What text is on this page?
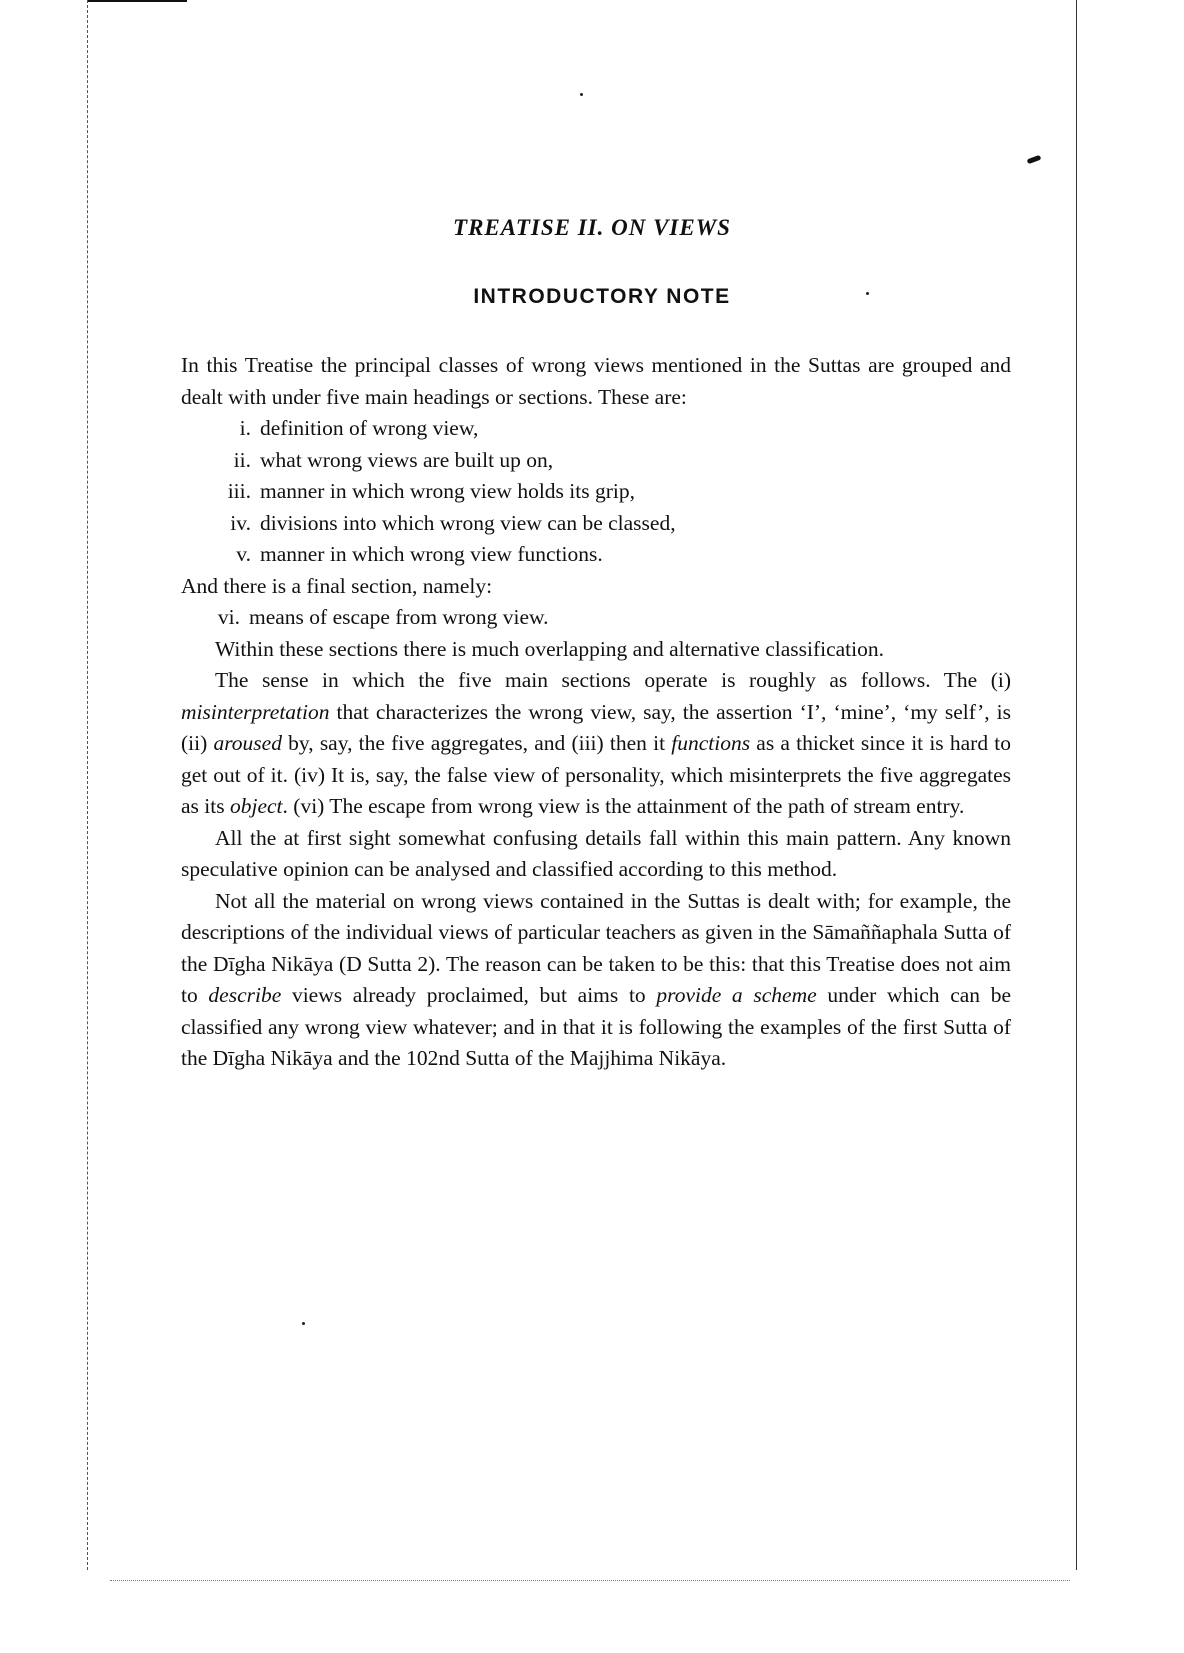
TREATISE II. ON VIEWS
INTRODUCTORY NOTE

In this Treatise the principal classes of wrong views mentioned in the Suttas are grouped and dealt with under five main headings or sections. These are:

i. definition of wrong view,
ii. what wrong views are built up on,
iii. manner in which wrong view holds its grip,
iv. divisions into which wrong view can be classed,
v. manner in which wrong view functions.

And there is a final section, namely:

vi. means of escape from wrong view.

Within these sections there is much overlapping and alternative classification.

The sense in which the five main sections operate is roughly as follows. The (i) misinterpretation that characterizes the wrong view, say, the assertion ‘I’, ‘mine’, ‘my self’, is (ii) aroused by, say, the five aggregates, and (iii) then it functions as a thicket since it is hard to get out of it. (iv) It is, say, the false view of personality, which misinterprets the five aggregates as its object. (vi) The escape from wrong view is the attainment of the path of stream entry.

All the at first sight somewhat confusing details fall within this main pattern. Any known speculative opinion can be analysed and classified according to this method.

Not all the material on wrong views contained in the Suttas is dealt with; for example, the descriptions of the individual views of particular teachers as given in the Sāmaññaphala Sutta of the Dīgha Nikāya (D Sutta 2). The reason can be taken to be this: that this Treatise does not aim to describe views already proclaimed, but aims to provide a scheme under which can be classified any wrong view whatever; and in that it is following the examples of the first Sutta of the Dīgha Nikāya and the 102nd Sutta of the Majjhima Nikāya.
